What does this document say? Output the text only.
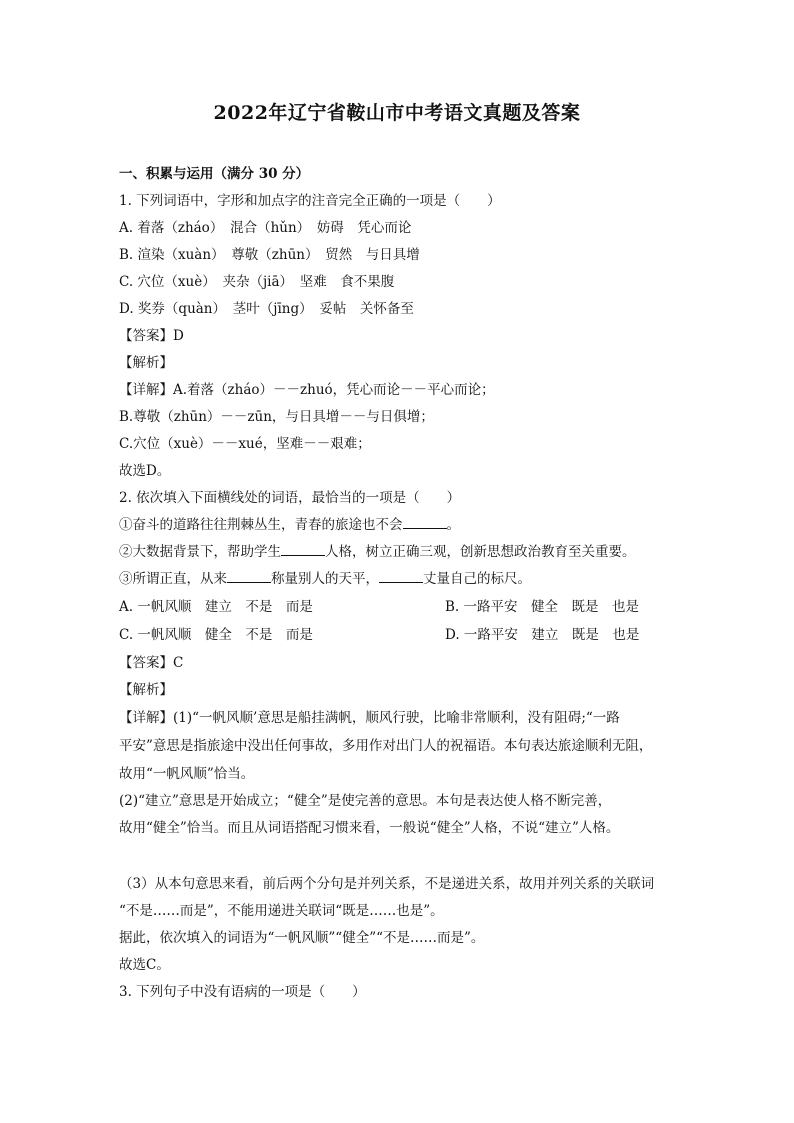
2022年辽宁省鞍山市中考语文真题及答案
一、积累与运用（满分 30 分）
1. 下列词语中，字形和加点字的注音完全正确的一项是（　　）
A. 着落（zháo）　混合（hǔn）　妨碍　凭心而论
B. 渲染（xuàn）　尊敬（zhūn）　贸然　与日具增
C. 穴位（xuè）　夹杂（jiā）　坚难　食不果腹
D. 奖券（quàn）　茎叶（jīng）　妥帖　关怀备至
【答案】D
【解析】
【详解】A.着落（zháo）－－zhuó，凭心而论－－平心而论；
B.尊敬（zhūn）－－zūn，与日具增－－与日俱增；
C.穴位（xuè）－－xué，坚难－－艰难；
故选D。
2. 依次填入下面横线处的词语，最恰当的一项是（　　）
①奋斗的道路往往荆棘丛生，青春的旅途也不会	。
②大数据背景下，帮助学生	人格，树立正确三观，创新思想政治教育至关重要。
③所谓正直，从来	称量别人的天平，	丈量自己的标尺。
A. 一帆风顺　建立　不是　而是	B. 一路平安　健全　既是　也是
C. 一帆风顺　健全　不是　而是	D. 一路平安　建立　既是　也是
【答案】C
【解析】
【详解】(1)“一帆风顺’意思是船挂满帆，顺风行驶，比喻非常顺利，没有阻碍;“一路
平安”意思是指旅途中没出任何事故，多用作对出门人的祝福语。本句表达旅途顺利无阻，
故用“一帆风顺”恰当。
(2)“建立”意思是开始成立；“健全”是使完善的意思。本句是表达使人格不断完善，
故用“健全”恰当。而且从词语搭配习惯来看，一般说“健全”人格，不说“建立”人格。
（3）从本句意思来看，前后两个分句是并列关系，不是递进关系，故用并列关系的关联词
“不是……而是”，不能用递进关联词“既是……也是”。
据此，依次填入的词语为“一帆风顺”“健全”“不是……而是”。
故选C。
3. 下列句子中没有语病的一项是（　　）
